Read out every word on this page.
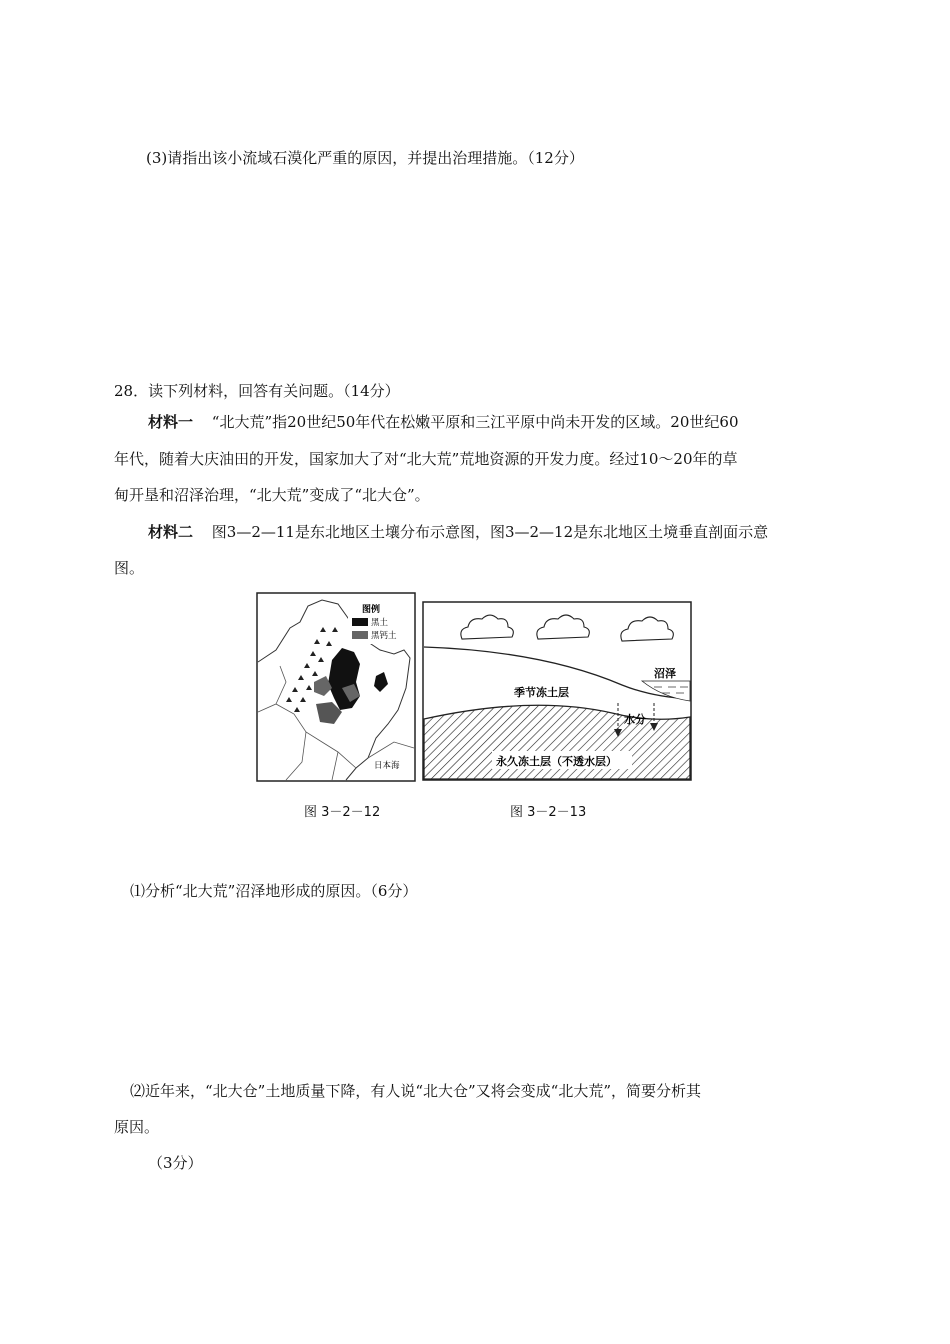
(3)请指出该小流域石漠化严重的原因，并提出治理措施。（12分）
28．读下列材料，回答有关问题。（14分）
材料一 “北大荒”指20世纪50年代在松嫩平原和三江平原中尚未开发的区域。20世纪60
年代，随着大庆油田的开发，国家加大了对“北大荒”荒地资源的开发力度。经过10～20年的草
甸开垦和沼泽治理，“北大荒”变成了“北大仓”。
材料二 图3—2—11是东北地区土壤分布示意图，图3—2—12是东北地区土境垂直剖面示意
图。
图例
黑土
黑钙土
日本海
图 3－2－12
沼泽
季节冻土层
水分
永久冻土层（不透水层）
图 3－2－13
⑴分析“北大荒”沼泽地形成的原因。（6分）
⑵近年来，“北大仓”土地质量下降，有人说“北大仓”又将会变成“北大荒”，简要分析其
原因。
（3分）
